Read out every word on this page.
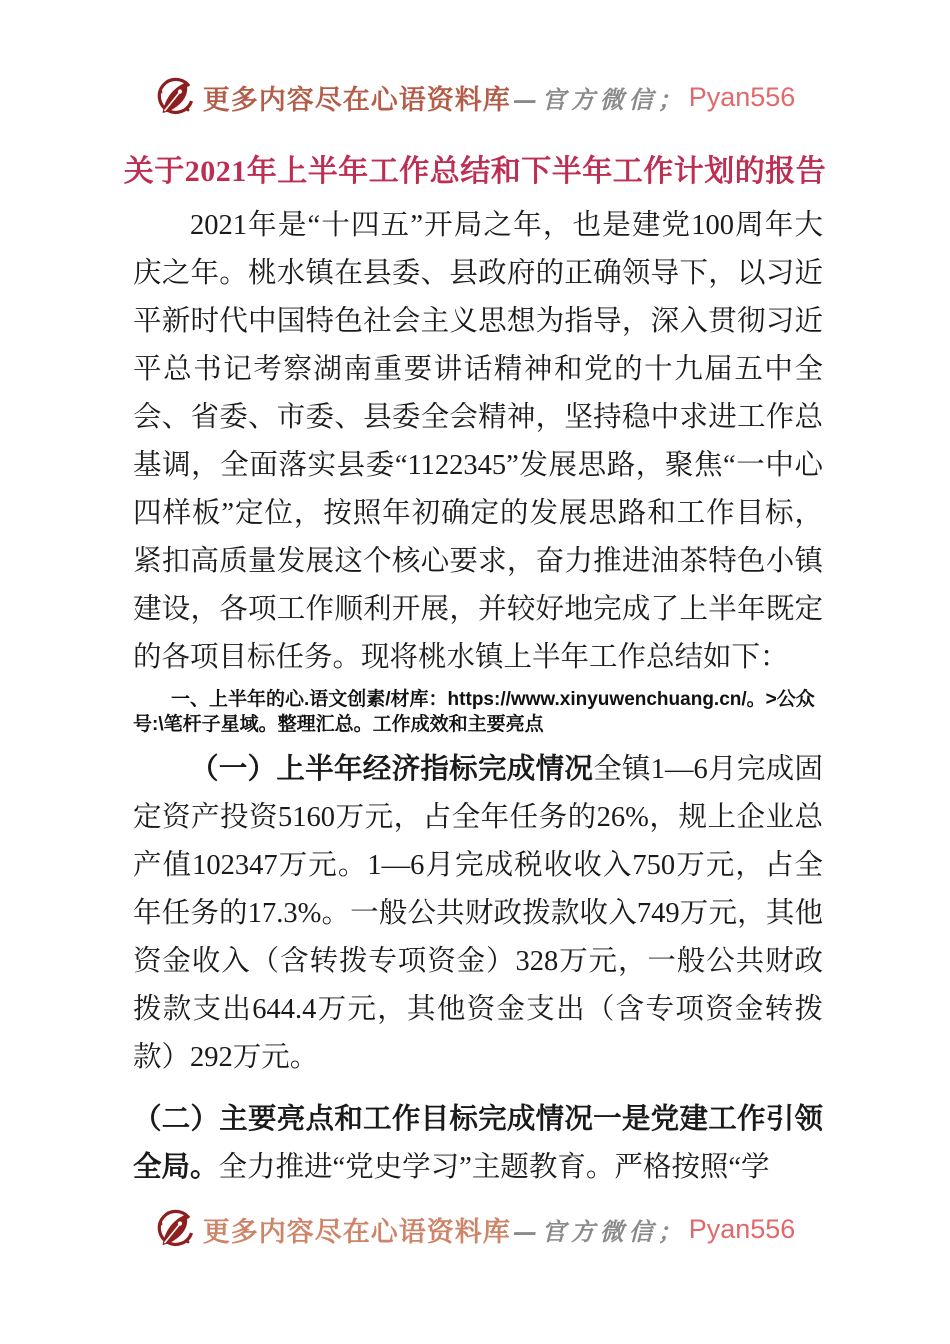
更多内容尽在心语资料库 —官方微信； Pyan556
关于2021年上半年工作总结和下半年工作计划的报告

2021年是“十四五”开局之年，也是建党100周年大庆之年。桃水镇在县委、县政府的正确领导下，以习近平新时代中国特色社会主义思想为指导，深入贯彻习近平总书记考察湖南重要讲话精神和党的十九届五中全会、省委、市委、县委全会精神，坚持稳中求进工作总基调，全面落实县委“1122345”发展思路，聚焦“一中心四样板”定位，按照年初确定的发展思路和工作目标，紧扣高质量发展这个核心要求，奋力推进油茶特色小镇建设，各项工作顺利开展，并较好地完成了上半年既定的各项目标任务。现将桃水镇上半年工作总结如下：

一、上半年的心.语文创素/材库：https://www.xinyuwenchuang.cn/。>公众号:\笔杆子星域。整理汇总。工作成效和主要亮点

（一）上半年经济指标完成情况全镇1—6月完成固定资产投资5160万元，占全年任务的26%，规上企业总产值102347万元。1—6月完成税收收入750万元，占全年任务的17.3%。一般公共财政拨款收入749万元，其他资金收入（含转拨专项资金）328万元，一般公共财政拨款支出644.4万元，其他资金支出（含专项资金转拨款）292万元。

（二）主要亮点和工作目标完成情况一是党建工作引领全局。全力推进“党史学习”主题教育。严格按照“学

更多内容尽在心语资料库 —官方微信； Pyan556
